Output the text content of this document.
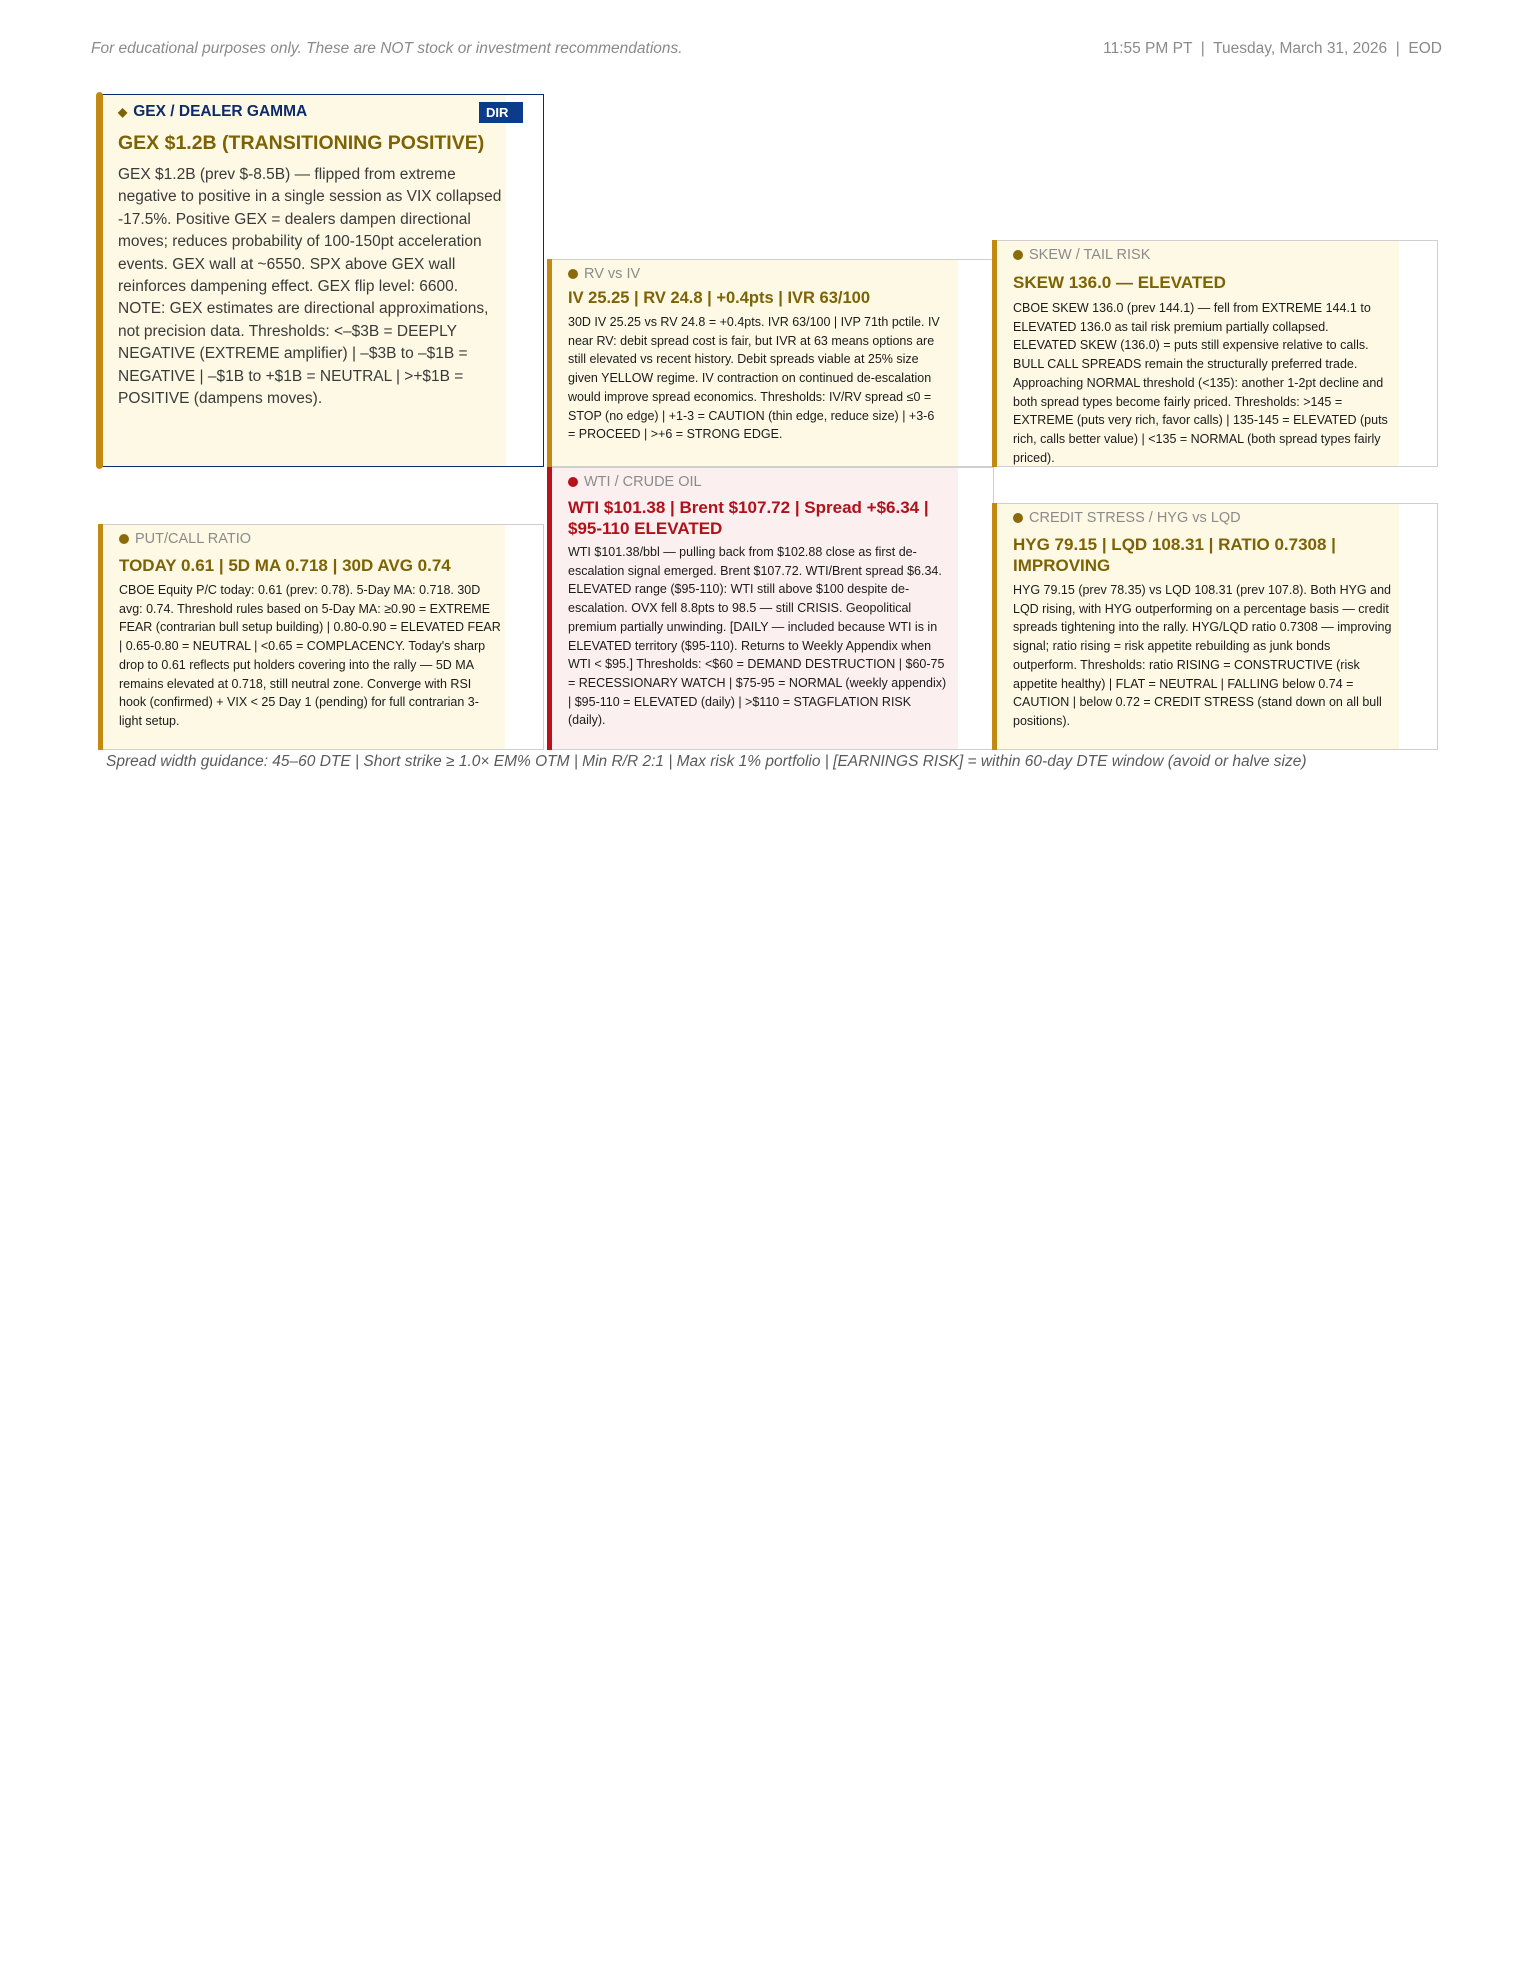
For educational purposes only. These are NOT stock or investment recommendations.	11:55 PM PT  |  Tuesday, March 31, 2026  |  EOD
DIR
◆ GEX / DEALER GAMMA
GEX $1.2B (TRANSITIONING POSITIVE)
GEX $1.2B (prev $-8.5B) — flipped from extreme negative to positive in a single session as VIX collapsed -17.5%. Positive GEX = dealers dampen directional moves; reduces probability of 100-150pt acceleration events. GEX wall at ~6550. SPX above GEX wall reinforces dampening effect. GEX flip level: 6600. NOTE: GEX estimates are directional approximations, not precision data. Thresholds: <–$3B = DEEPLY NEGATIVE (EXTREME amplifier) | –$3B to –$1B = NEGATIVE | –$1B to +$1B = NEUTRAL | >+$1B = POSITIVE (dampens moves).
RV vs IV
IV 25.25 | RV 24.8 | +0.4pts | IVR 63/100
30D IV 25.25 vs RV 24.8 = +0.4pts. IVR 63/100 | IVP 71th pctile. IV near RV: debit spread cost is fair, but IVR at 63 means options are still elevated vs recent history. Debit spreads viable at 25% size given YELLOW regime. IV contraction on continued de-escalation would improve spread economics. Thresholds: IV/RV spread ≤0 = STOP (no edge) | +1-3 = CAUTION (thin edge, reduce size) | +3-6 = PROCEED | >+6 = STRONG EDGE.
SKEW / TAIL RISK
SKEW 136.0 — ELEVATED
CBOE SKEW 136.0 (prev 144.1) — fell from EXTREME 144.1 to ELEVATED 136.0 as tail risk premium partially collapsed. ELEVATED SKEW (136.0) = puts still expensive relative to calls. BULL CALL SPREADS remain the structurally preferred trade. Approaching NORMAL threshold (<135): another 1-2pt decline and both spread types become fairly priced. Thresholds: >145 = EXTREME (puts very rich, favor calls) | 135-145 = ELEVATED (puts rich, calls better value) | <135 = NORMAL (both spread types fairly priced).
PUT/CALL RATIO
TODAY 0.61 | 5D MA 0.718 | 30D AVG 0.74
CBOE Equity P/C today: 0.61 (prev: 0.78). 5-Day MA: 0.718. 30D avg: 0.74. Threshold rules based on 5-Day MA: ≥0.90 = EXTREME FEAR (contrarian bull setup building) | 0.80-0.90 = ELEVATED FEAR | 0.65-0.80 = NEUTRAL | <0.65 = COMPLACENCY. Today's sharp drop to 0.61 reflects put holders covering into the rally — 5D MA remains elevated at 0.718, still neutral zone. Converge with RSI hook (confirmed) + VIX < 25 Day 1 (pending) for full contrarian 3-light setup.
WTI / CRUDE OIL
WTI $101.38 | Brent $107.72 | Spread +$6.34 | $95-110 ELEVATED
WTI $101.38/bbl — pulling back from $102.88 close as first de-escalation signal emerged. Brent $107.72. WTI/Brent spread $6.34. ELEVATED range ($95-110): WTI still above $100 despite de-escalation. OVX fell 8.8pts to 98.5 — still CRISIS. Geopolitical premium partially unwinding. [DAILY — included because WTI is in ELEVATED territory ($95-110). Returns to Weekly Appendix when WTI < $95.] Thresholds: <$60 = DEMAND DESTRUCTION | $60-75 = RECESSIONARY WATCH | $75-95 = NORMAL (weekly appendix) | $95-110 = ELEVATED (daily) | >$110 = STAGFLATION RISK (daily).
CREDIT STRESS / HYG vs LQD
HYG 79.15 | LQD 108.31 | RATIO 0.7308 | IMPROVING
HYG 79.15 (prev 78.35) vs LQD 108.31 (prev 107.8). Both HYG and LQD rising, with HYG outperforming on a percentage basis — credit spreads tightening into the rally. HYG/LQD ratio 0.7308 — improving signal; ratio rising = risk appetite rebuilding as junk bonds outperform. Thresholds: ratio RISING = CONSTRUCTIVE (risk appetite healthy) | FLAT = NEUTRAL | FALLING below 0.74 = CAUTION | below 0.72 = CREDIT STRESS (stand down on all bull positions).
Spread width guidance: 45–60 DTE | Short strike ≥ 1.0× EM% OTM | Min R/R 2:1 | Max risk 1% portfolio | [EARNINGS RISK] = within 60-day DTE window (avoid or halve size)
